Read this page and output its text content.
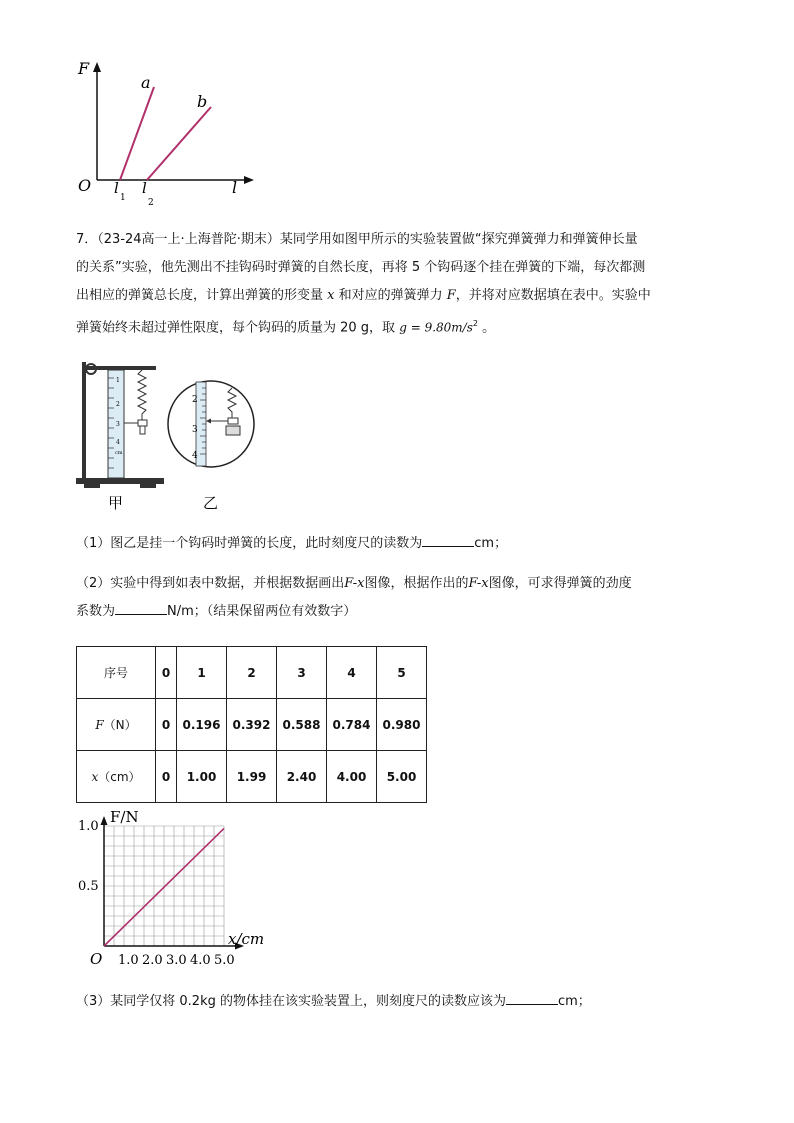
F
O
a
b
l
l
1
l
2
7．（23-24高一上·上海普陀·期末）某同学用如图甲所示的实验装置做“探究弹簧弹力和弹簧伸长量
的关系”实验，他先测出不挂钩码时弹簧的自然长度，再将 5 个钩码逐个挂在弹簧的下端，每次都测
出相应的弹簧总长度，计算出弹簧的形变量 x 和对应的弹簧弹力 F，并将对应数据填在表中。实验中
弹簧始终未超过弹性限度，每个钩码的质量为 20 g，取 $g = 9.80m/s^2$ 。
1
2
3
4
cm
2
3
4
甲	乙
（1）图乙是挂一个钩码时弹簧的长度，此时刻度尺的读数为	cm；
（2）实验中得到如表中数据，并根据数据画出F-x图像，根据作出的F-x图像，可求得弹簧的劲度
系数为	N/m；（结果保留两位有效数字）
序号	0	1	2	3	4	5
F（N）	0	0.196	0.392	0.588	0.784	0.980
x（cm）	0	1.00	1.99	2.40	4.00	5.00
F/N
x/cm
O 1.0 2.0 3.0 4.0 5.0
1.0
0.5
（3）某同学仅将 0.2kg 的物体挂在该实验装置上，则刻度尺的读数应该为	cm；
